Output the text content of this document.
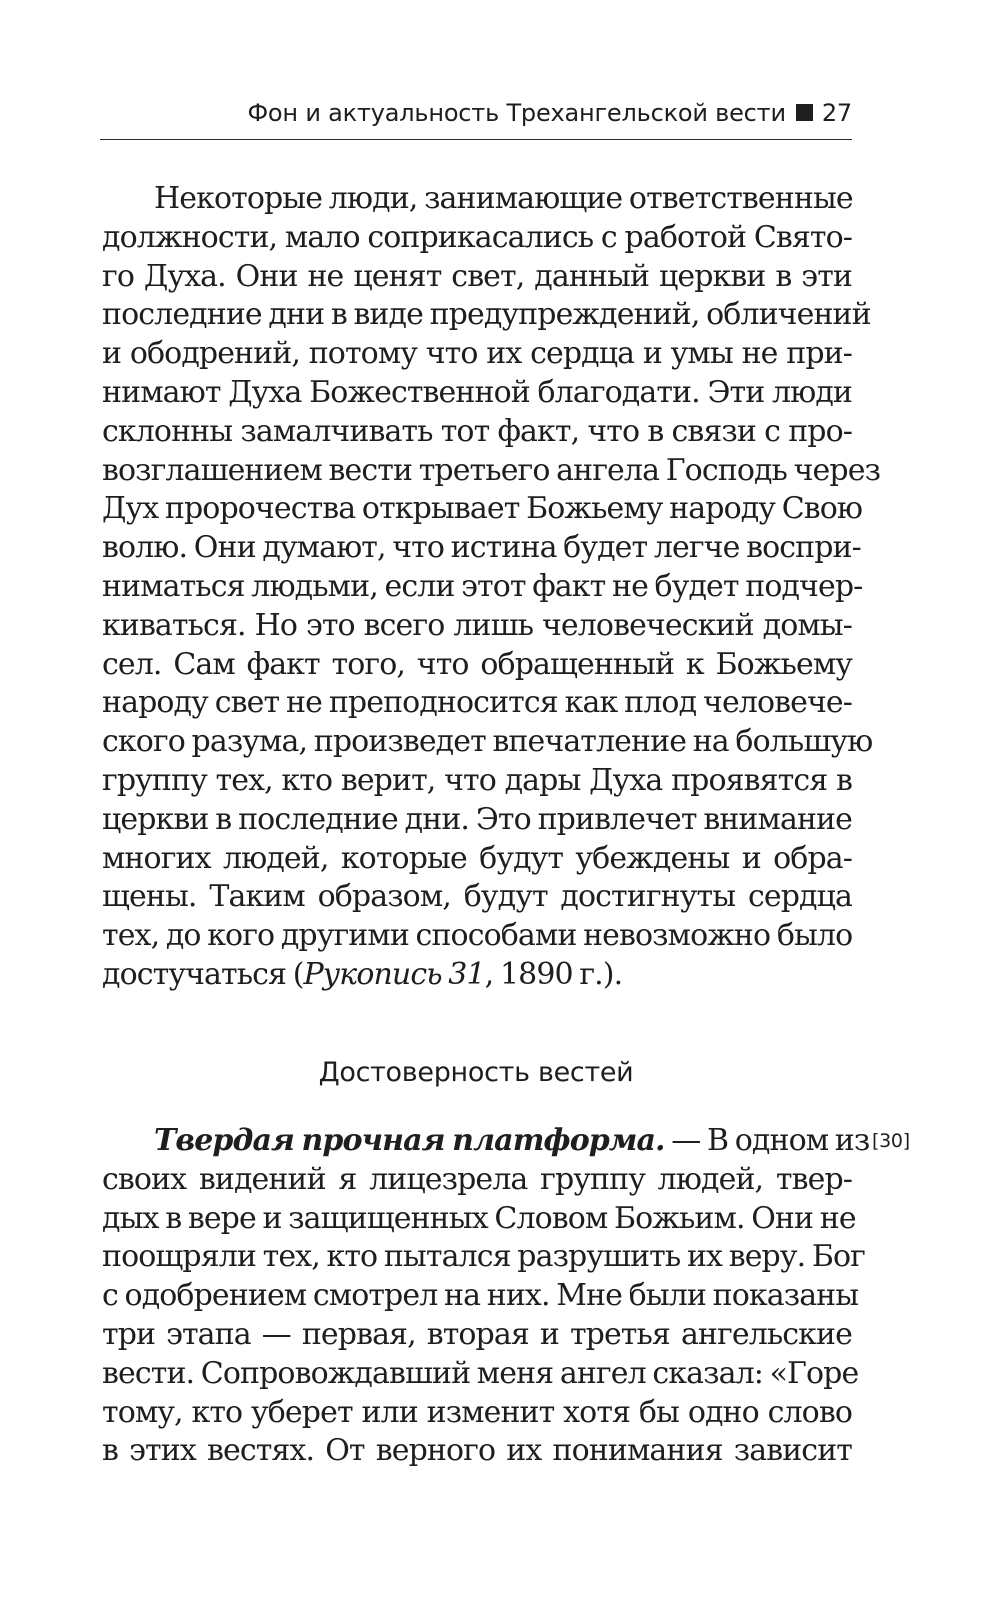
Фон и актуальность Трехангельской вести 27
Некоторые люди, занимающие ответственные
должности, мало соприкасались с работой Свято-
го Духа. Они не ценят свет, данный церкви в эти
последние дни в виде предупреждений, обличений
и ободрений, потому что их сердца и умы не при-
нимают Духа Божественной благодати. Эти люди
склонны замалчивать тот факт, что в связи с про-
возглашением вести третьего ангела Господь через
Дух пророчества открывает Божьему народу Свою
волю. Они думают, что истина будет легче воспри-
ниматься людьми, если этот факт не будет подчер-
киваться. Но это всего лишь человеческий домы-
сел. Сам факт того, что обращенный к Божьему
народу свет не преподносится как плод человече-
ского разума, произведет впечатление на большую
группу тех, кто верит, что дары Духа проявятся в
церкви в последние дни. Это привлечет внимание
многих людей, которые будут убеждены и обра-
щены. Таким образом, будут достигнуты сердца
тех, до кого другими способами невозможно было
достучаться (Рукопись 31, 1890 г.).
Достоверность вестей
[30]
Твердая прочная платформа. — В одном из
своих видений я лицезрела группу людей, твер-
дых в вере и защищенных Словом Божьим. Они не
поощряли тех, кто пытался разрушить их веру. Бог
с одобрением смотрел на них. Мне были показаны
три этапа — первая, вторая и третья ангельские
вести. Сопровождавший меня ангел сказал: «Горе
тому, кто уберет или изменит хотя бы одно слово
в этих вестях. От верного их понимания зависит
